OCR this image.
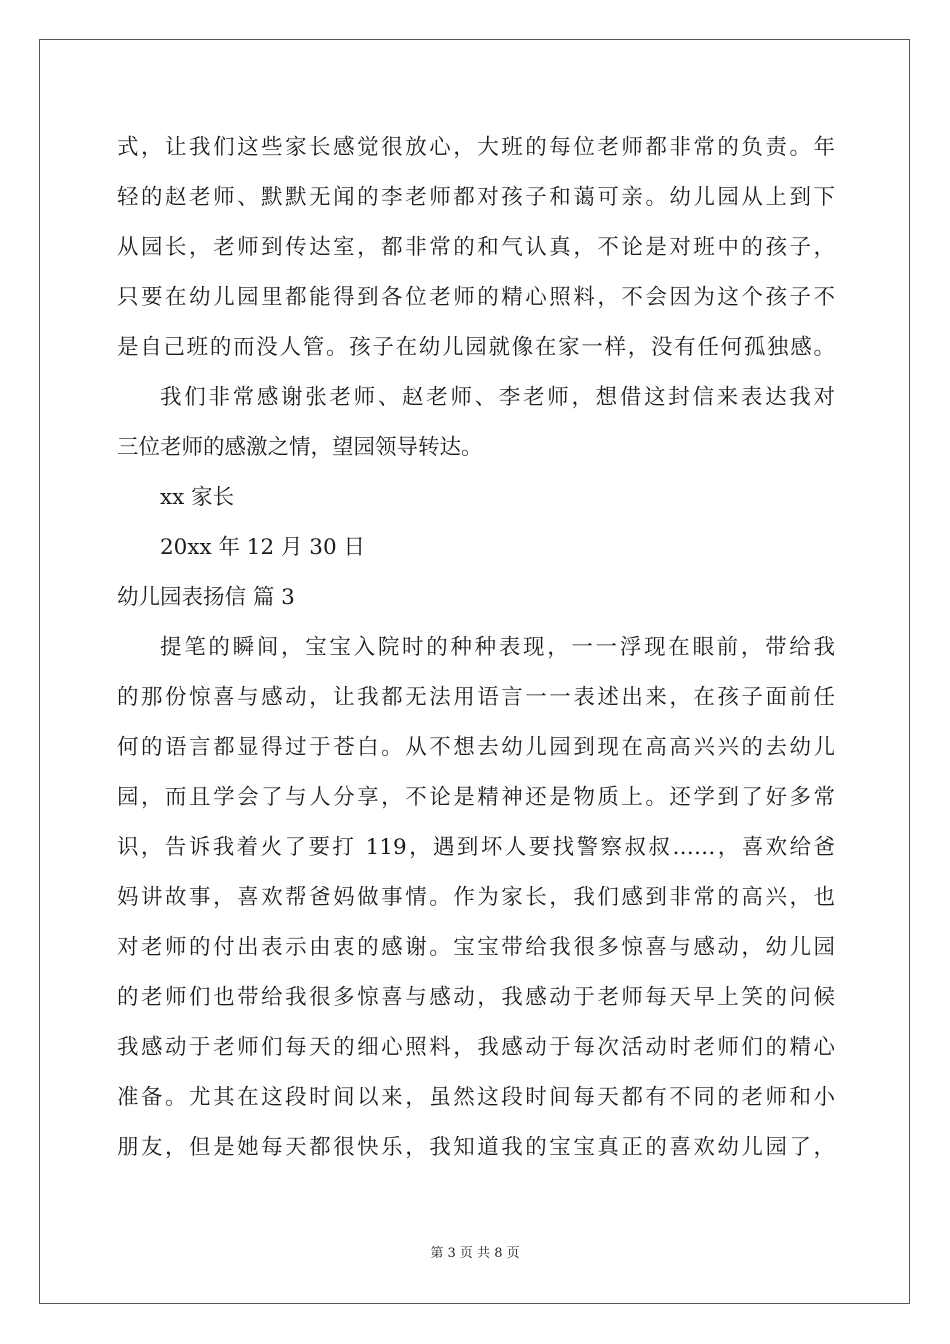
式，让我们这些家长感觉很放心，大班的每位老师都非常的负责。年
轻的赵老师、默默无闻的李老师都对孩子和蔼可亲。幼儿园从上到下
从园长，老师到传达室，都非常的和气认真，不论是对班中的孩子，
只要在幼儿园里都能得到各位老师的精心照料，不会因为这个孩子不
是自己班的而没人管。孩子在幼儿园就像在家一样，没有任何孤独感。
我们非常感谢张老师、赵老师、李老师，想借这封信来表达我对
三位老师的感激之情，望园领导转达。
xx 家长
20xx 年 12 月 30 日
幼儿园表扬信 篇 3
提笔的瞬间，宝宝入院时的种种表现，一一浮现在眼前，带给我
的那份惊喜与感动，让我都无法用语言一一表述出来，在孩子面前任
何的语言都显得过于苍白。从不想去幼儿园到现在高高兴兴的去幼儿
园，而且学会了与人分享，不论是精神还是物质上。还学到了好多常
识，告诉我着火了要打 119，遇到坏人要找警察叔叔……，喜欢给爸
妈讲故事，喜欢帮爸妈做事情。作为家长，我们感到非常的高兴，也
对老师的付出表示由衷的感谢。宝宝带给我很多惊喜与感动，幼儿园
的老师们也带给我很多惊喜与感动，我感动于老师每天早上笑的问候
我感动于老师们每天的细心照料，我感动于每次活动时老师们的精心
准备。尤其在这段时间以来，虽然这段时间每天都有不同的老师和小
朋友，但是她每天都很快乐，我知道我的宝宝真正的喜欢幼儿园了，
第 3 页 共 8 页
